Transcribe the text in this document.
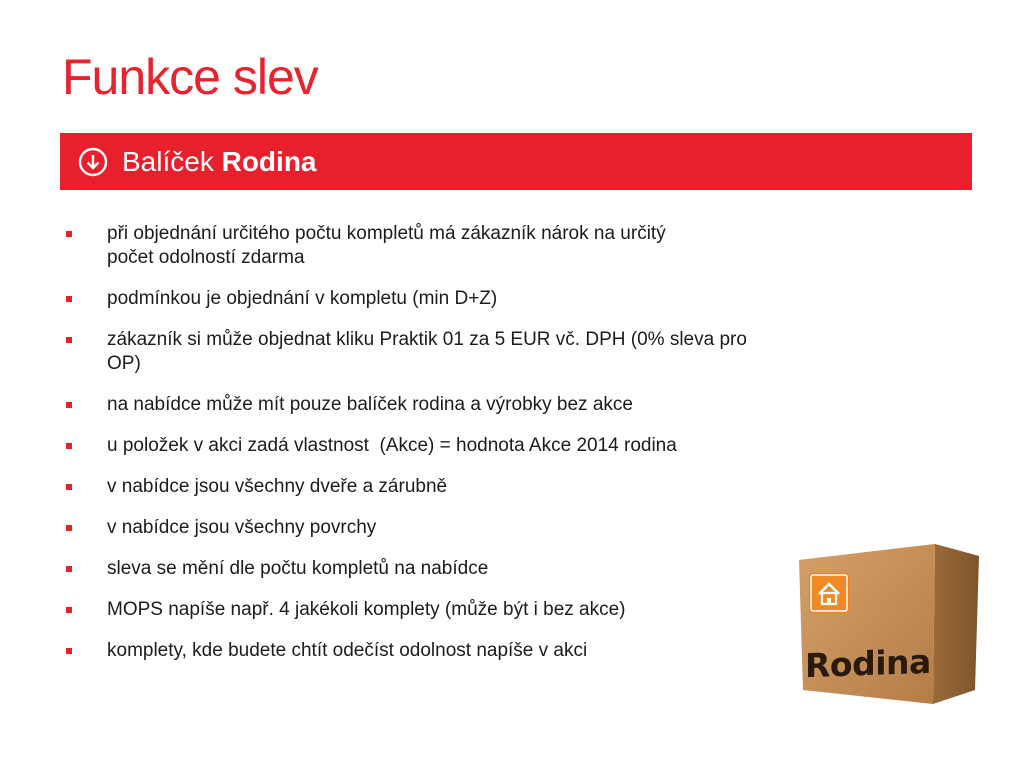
Funkce slev
Balíček Rodina
při objednání určitého počtu kompletů má zákazník nárok na určitý
počet odolností zdarma
podmínkou je objednání v kompletu (min D+Z)
zákazník si může objednat kliku Praktik 01 za 5 EUR vč. DPH (0% sleva pro OP)
na nabídce může mít pouze balíček rodina a výrobky bez akce
u položek v akci zadá vlastnost  (Akce) = hodnota Akce 2014 rodina
v nabídce jsou všechny dveře a zárubně
v nabídce jsou všechny povrchy
sleva se mění dle počtu kompletů na nabídce
MOPS napíše např. 4 jakékoli komplety (může být i bez akce)
komplety, kde budete chtít odečíst odolnost napíše v akci	Rodina
